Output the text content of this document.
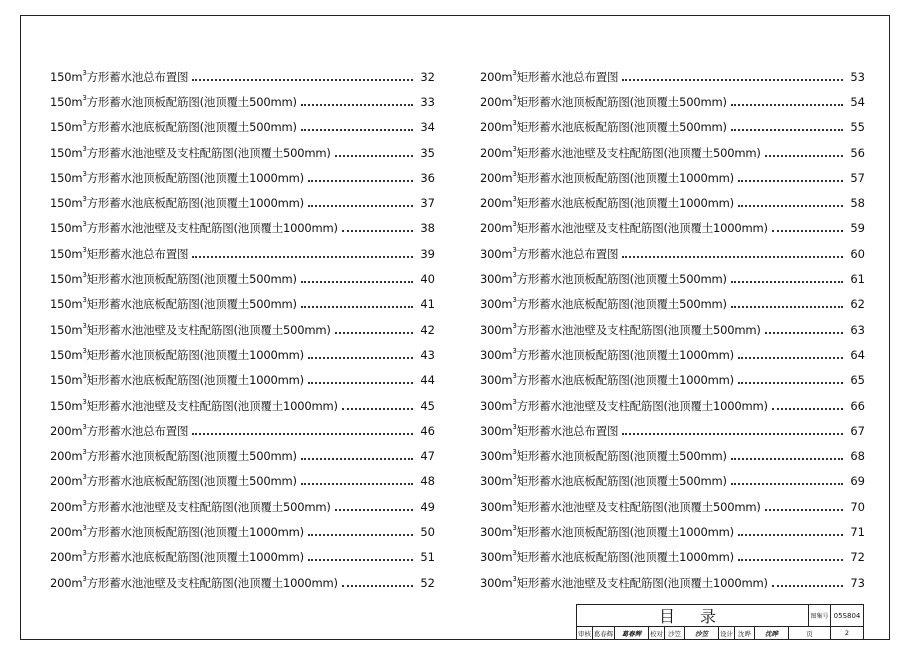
$150m^3$方形蓄水池总布置图	32
$150m^3$方形蓄水池顶板配筋图(池顶覆土500mm)	33
$150m^3$方形蓄水池底板配筋图(池顶覆土500mm)	34
$150m^3$方形蓄水池池壁及支柱配筋图(池顶覆土500mm)	35
$150m^3$方形蓄水池顶板配筋图(池顶覆土1000mm)	36
$150m^3$方形蓄水池底板配筋图(池顶覆土1000mm)	37
$150m^3$方形蓄水池池壁及支柱配筋图(池顶覆土1000mm)	38
$150m^3$矩形蓄水池总布置图	39
$150m^3$矩形蓄水池顶板配筋图(池顶覆土500mm)	40
$150m^3$矩形蓄水池底板配筋图(池顶覆土500mm)	41
$150m^3$矩形蓄水池池壁及支柱配筋图(池顶覆土500mm)	42
$150m^3$矩形蓄水池顶板配筋图(池顶覆土1000mm)	43
$150m^3$矩形蓄水池底板配筋图(池顶覆土1000mm)	44
$150m^3$矩形蓄水池池壁及支柱配筋图(池顶覆土1000mm)	45
$200m^3$方形蓄水池总布置图	46
$200m^3$方形蓄水池顶板配筋图(池顶覆土500mm)	47
$200m^3$方形蓄水池底板配筋图(池顶覆土500mm)	48
$200m^3$方形蓄水池池壁及支柱配筋图(池顶覆土500mm)	49
$200m^3$方形蓄水池顶板配筋图(池顶覆土1000mm)	50
$200m^3$方形蓄水池底板配筋图(池顶覆土1000mm)	51
$200m^3$方形蓄水池池壁及支柱配筋图(池顶覆土1000mm)	52
$200m^3$矩形蓄水池总布置图	53
$200m^3$矩形蓄水池顶板配筋图(池顶覆土500mm)	54
$200m^3$矩形蓄水池底板配筋图(池顶覆土500mm)	55
$200m^3$矩形蓄水池池壁及支柱配筋图(池顶覆土500mm)	56
$200m^3$矩形蓄水池顶板配筋图(池顶覆土1000mm)	57
$200m^3$矩形蓄水池底板配筋图(池顶覆土1000mm)	58
$200m^3$矩形蓄水池池壁及支柱配筋图(池顶覆土1000mm)	59
$300m^3$方形蓄水池总布置图	60
$300m^3$方形蓄水池顶板配筋图(池顶覆土500mm)	61
$300m^3$方形蓄水池底板配筋图(池顶覆土500mm)	62
$300m^3$方形蓄水池池壁及支柱配筋图(池顶覆土500mm)	63
$300m^3$方形蓄水池顶板配筋图(池顶覆土1000mm)	64
$300m^3$方形蓄水池底板配筋图(池顶覆土1000mm)	65
$300m^3$方形蓄水池池壁及支柱配筋图(池顶覆土1000mm)	66
$300m^3$矩形蓄水池总布置图	67
$300m^3$矩形蓄水池顶板配筋图(池顶覆土500mm)	68
$300m^3$矩形蓄水池底板配筋图(池顶覆土500mm)	69
$300m^3$矩形蓄水池池壁及支柱配筋图(池顶覆土500mm)	70
$300m^3$矩形蓄水池顶板配筋图(池顶覆土1000mm)	71
$300m^3$矩形蓄水池底板配筋图(池顶覆土1000mm)	72
$300m^3$矩形蓄水池池壁及支柱配筋图(池顶覆土1000mm)	73
目 录	图集号 05S804
审核 葛春辉	葛春辉	校对 沙笠	沙笠	设计 沈晔	沈晔	页	2
